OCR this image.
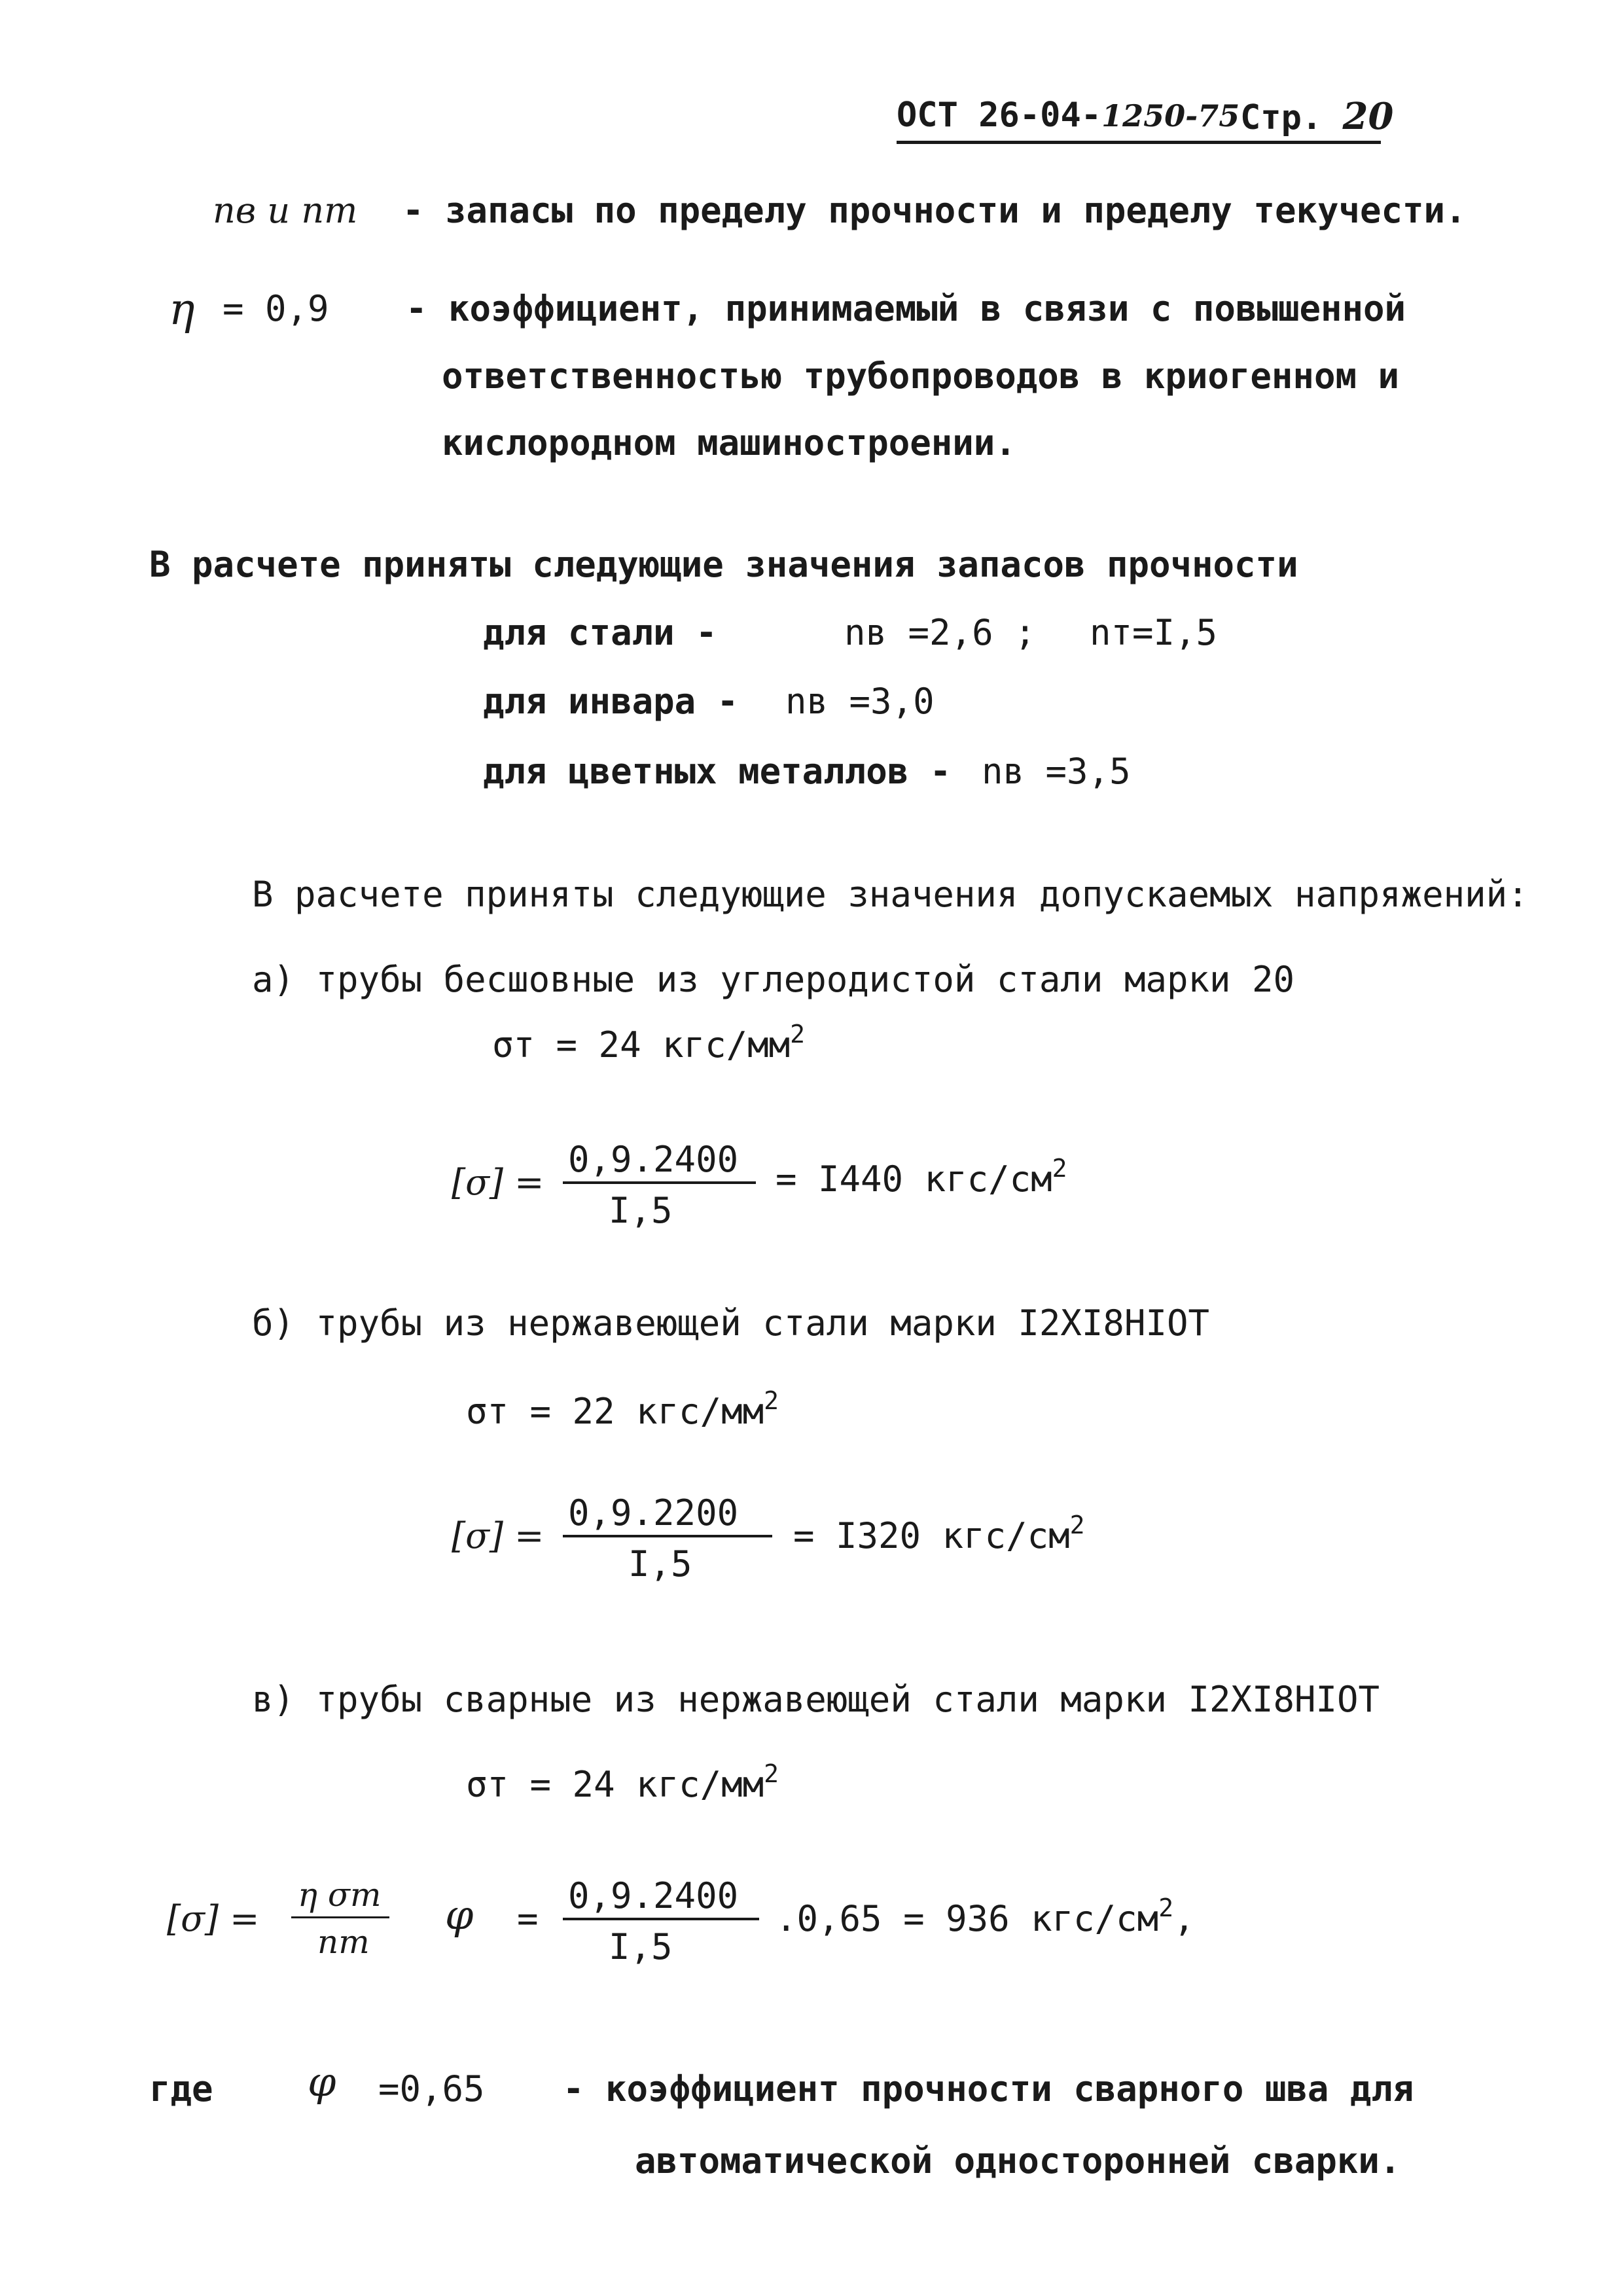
ОСТ 26-04-1250-75 Стр. 20
nв и nт - запасы по пределу прочности и пределу текучести.
η = 0,9 - коэффициент, принимаемый в связи с повышенной
ответственностью трубопроводов в криогенном и
кислородном машиностроении.
В расчете приняты следующие значения запасов прочности
для стали -	nв =2,6 ; nт=I,5
для инвара - nв =3,0
для цветных металлов - nв =3,5
В расчете приняты следующие значения допускаемых напряжений:
а) трубы бесшовные из углеродистой стали марки 20
σт = 24 кгс/$мм^2$
[σ] =
0,9.2400
I,5
= I440 кгс/$см^2$
б) трубы из нержавеющей стали марки I2XI8HIOT
σт = 22 кгс/$мм^2$
[σ] =
0,9.2200
I,5
= I320 кгс/$см^2$
в) трубы сварные из нержавеющей стали марки I2XI8HIOT
σт = 24 кгс/$мм^2$
[σ] =
η σт
nт
φ =
0,9.2400
I,5
.0,65 = 936 кгс/$см^2$,
где φ =0,65 - коэффициент прочности сварного шва для
автоматической односторонней сварки.
